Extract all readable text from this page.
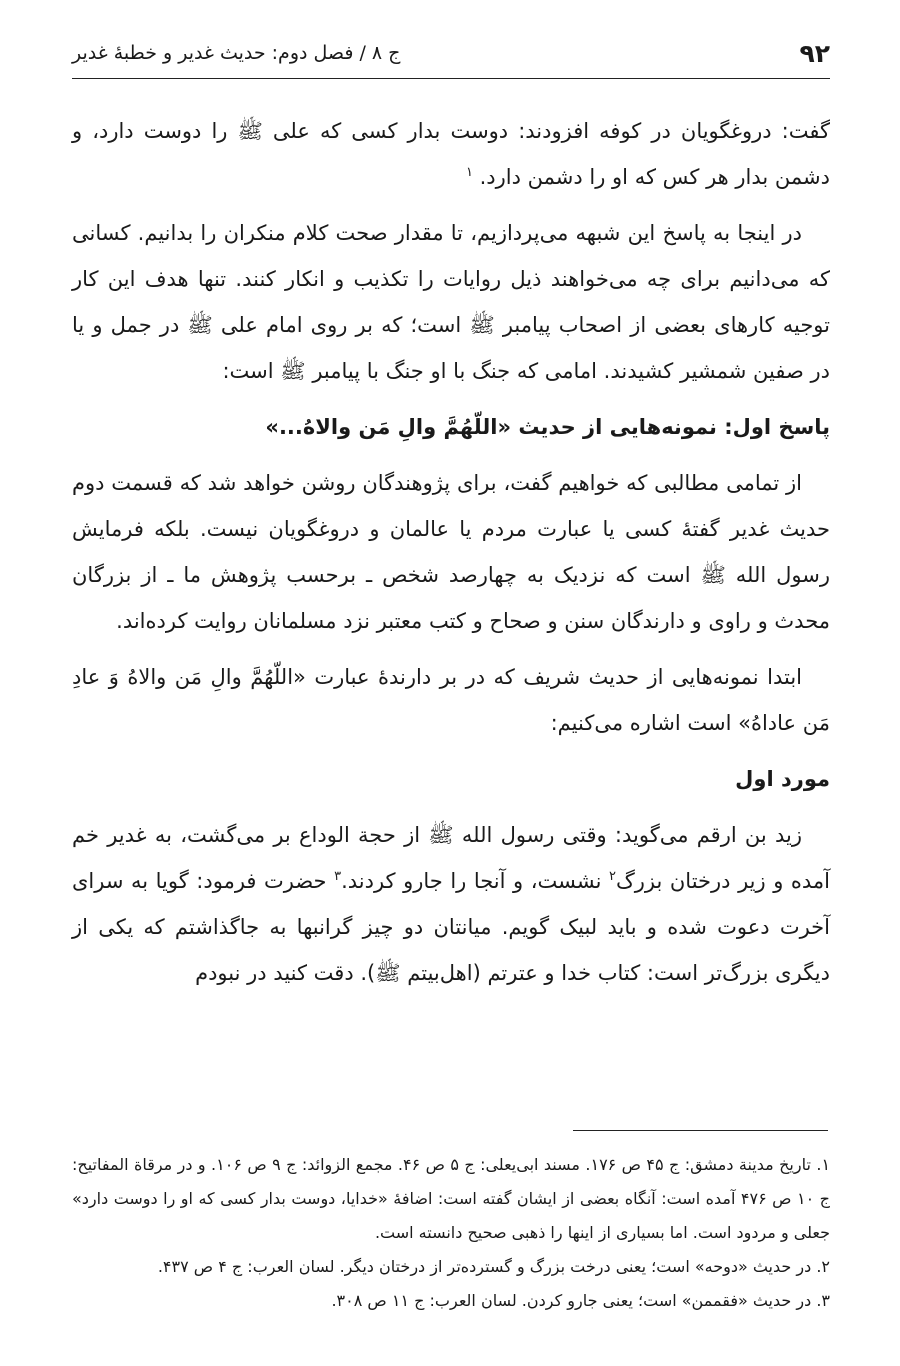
۹۲
ج ۸ / فصل دوم: حدیث غدیر و خطبهٔ غدیر

گفت: دروغگویان در کوفه افزودند: دوست بدار کسی که علی ﷺ را دوست دارد، و دشمن بدار هر کس که او را دشمن دارد. $^۱$

در اینجا به پاسخ این شبهه می‌پردازیم، تا مقدار صحت کلام منکران را بدانیم. کسانی که می‌دانیم برای چه می‌خواهند ذیل روایات را تکذیب و انکار کنند. تنها هدف این کار توجیه کارهای بعضی از اصحاب پیامبر ﷺ است؛ که بر روی امام علی ﷺ در جمل و یا در صفین شمشیر کشیدند. امامی که جنگ با او جنگ با پیامبر ﷺ است:

پاسخ اول: نمونه‌هایی از حدیث «اللّهُمَّ والِ مَن والاهُ...»

از تمامی مطالبی که خواهیم گفت، برای پژوهندگان روشن خواهد شد که قسمت دوم حدیث غدیر گفتهٔ کسی یا عبارت مردم یا عالمان و دروغگویان نیست. بلکه فرمایش رسول الله ﷺ است که نزدیک به چهارصد شخص ـ برحسب پژوهش ما ـ از بزرگان محدث و راوی و دارندگان سنن و صحاح و کتب معتبر نزد مسلمانان روایت کرده‌اند.

ابتدا نمونه‌هایی از حدیث شریف که در بر دارندهٔ عبارت «اللّهُمَّ والِ مَن والاهُ وَ عادِ مَن عاداهُ» است اشاره می‌کنیم:

مورد اول

زید بن ارقم می‌گوید: وقتی رسول الله ﷺ از حجة الوداع بر می‌گشت، به غدیر خم آمده و زیر درختان بزرگ$^۲$ نشست، و آنجا را جارو کردند.$^۳$ حضرت فرمود: گویا به سرای آخرت دعوت شده و باید لبیک گویم. میانتان دو چیز گرانبها به جاگذاشتم که یکی از دیگری بزرگ‌تر است: کتاب خدا و عترتم (اهل‌بیتم ﷺ). دقت کنید در نبودم

۱. تاریخ مدینة دمشق: ج ۴۵ ص ۱۷۶. مسند ابی‌یعلی: ج ۵ ص ۴۶. مجمع الزوائد: ج ۹ ص ۱۰۶. و در مرقاة المفاتیح: ج ۱۰ ص ۴۷۶ آمده است: آنگاه بعضی از ایشان گفته است: اضافهٔ «خدایا، دوست بدار کسی که او را دوست دارد» جعلی و مردود است. اما بسیاری از اینها را ذهبی صحیح دانسته است.

۲. در حدیث «دوحه» است؛ یعنی درخت بزرگ و گسترده‌تر از درختان دیگر. لسان العرب: ج ۴ ص ۴۳۷.

۳. در حدیث «فقممن» است؛ یعنی جارو کردن. لسان العرب: ج ۱۱ ص ۳۰۸.
